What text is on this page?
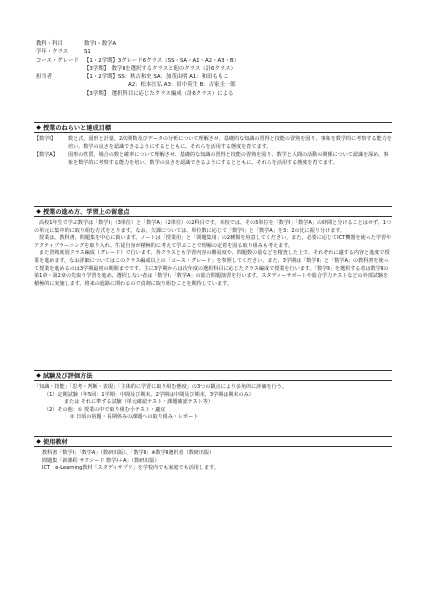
教科・科目	数学Ⅰ・数学A
学年・クラス	S1
コース・グレード 【1・2学期】3グレード6クラス（SS・SA・A1・A2・A3・B）
【3学期】　数学Ⅱを選択するクラスと他のクラス（計6クラス）
担当者	【1・2学期】SS：秋吉和史 SA：加茂由明 A1：和田ももこ
A2：松本匡弘 A3：田中英生 B：吉家圭一郎
【3学期】　選択科目に応じたクラス編成（計6クラス）による
◆ 授業のねらいと達成目標
【数学Ⅰ】	数と式、図形と計量、2次関数及びデータの分析について理解させ、基礎的な知識の習得と技能の習熟を図り、事象を数学的に考察する能力を培い、数学の良さを認識できるようにするとともに、それらを活用する態度を育てます。
【数学A】	図形の性質、場合の数と確率について理解させ、基礎的な知識の習得と技能の習熟を図り、数学と人間の活動の関係について認識を深め、事象を数学的に考察する能力を培い、数学の良さを認識できるようにするとともに、それらを活用する態度を育てます。
◆ 授業の進め方、学習上の留意点

高校1年生で学ぶ数学は「数学Ⅰ」（3単位）と「数学A」（2単位）の2科目です。本校では、その5単位を「数学Ⅰ」「数学A」の時間と分けることはせず、1つの単元に集中的に取り組む方式をとります。なお、欠課については、単位数に応じて「数学Ⅰ」と「数学A」を3：2の比に振り分けます。

授業は、教科書、問題集を中心に扱います。ノートは「授業用」と「問題集用」の2種類を用意してください。また、必要に応じてICT機器を使った学習やアクティブラーニングを取り入れ、生徒自身が積極的に考えて学ぶことで理解の定着を図る取り組みも考えます。

また習熟度別クラス編成（グレード）で行います。各クラスとも学習内容の難易度や、問題数の量などを精査した上で、それぞれに適する内容と進度で授業を進めます。なお詳細についてはこのクラス編成以上の「コース・グレード」を参照してください。また、3学期は「数学Ⅱ」と「数学A」の教科書を使って授業を進めるのは3学期最初の期間までです。主に3学期からは次年度の選択科目に応じたクラス編成で授業を行います。「数学Ⅱ」を選択する者は数学Ⅱの第1章・第2章の先取り学習を進め、選択しない者は「数学Ⅰ」「数学A」の総合問題演習を行います。スタディーサポートや総合学力テストなどの外部試験を積極的に実施します。将来の進路に関わるので真剣に取り組むことを期待しています。

◆ 試験及び評価方法
「知識・技能」「思考・判断・表現」「主体的に学習に取り組む態度」の3つの観点により多角的に評価を行う。
（1）定期試験（年5回：1学期：中間及び期末、2学期は中間及び期末、3学期は期末のみ）
または それに準ずる試験（単元確認テスト・課題確認テスト等）
（2）その他：① 授業の中で取り組む小テスト・適宜
② 日頃の宿題・長期休みの課題への取り組み・レポート
◆ 使用教材
教科書「数学Ⅰ」「数学A」（数研出版）、「数学Ⅱ」※数学Ⅱ選択者（数研出版）
問題集「新課程 サクシード 数学Ⅰ＋A」（数研出版）
ICT　e-Learning教材「スタディサプリ」を学校内でも家庭でも活用します。
